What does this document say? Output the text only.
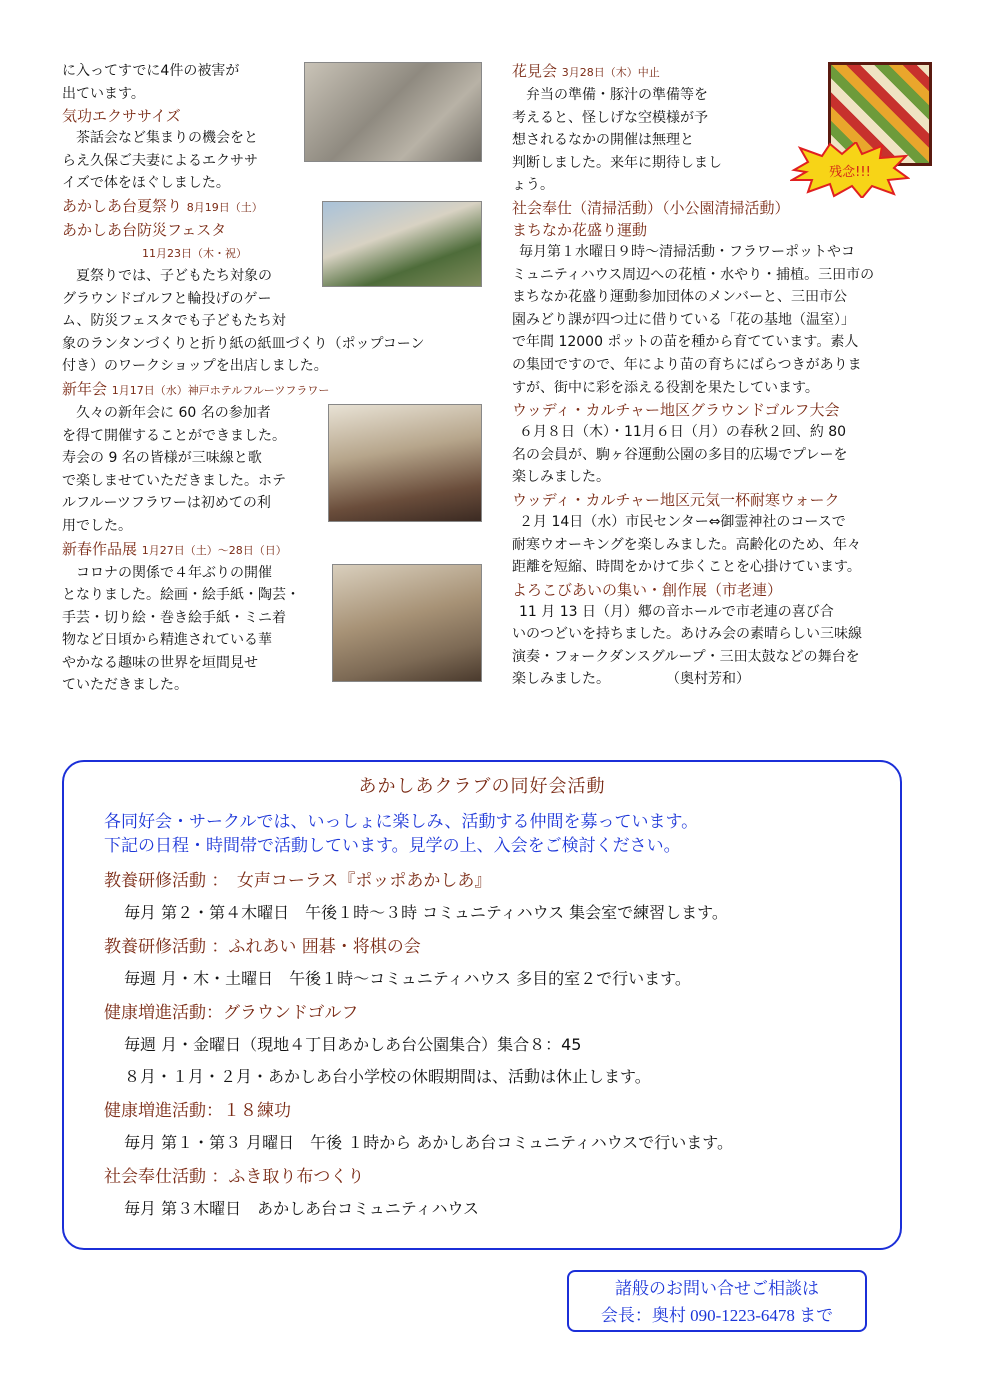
に入ってすでに4件の被害が

出ています。

気功エクササイズ

　茶話会など集まりの機会をと

らえ久保ご夫妻によるエクササ

イズで体をほぐしました。

あかしあ台夏祭り 8月19日（土）
あかしあ台防災フェスタ
11月23日（木・祝）

　夏祭りでは、子どもたち対象の

グラウンドゴルフと輪投げのゲー

ム、防災フェスタでも子どもたち対

象のランタンづくりと折り紙の紙皿づくり（ポップコーン

付き）のワークショップを出店しました。

新年会 1月17日（水）神戸ホテルフルーツフラワー

　久々の新年会に 60 名の参加者

を得て開催することができました。

寿会の 9 名の皆様が三味線と歌

で楽しませていただきました。ホテ

ルフルーツフラワーは初めての利

用でした。

新春作品展 1月27日（土）～28日（日）

　コロナの関係で４年ぶりの開催

となりました。絵画・絵手紙・陶芸・

手芸・切り絵・巻き絵手紙・ミニ着

物など日頃から精進されている華

やかなる趣味の世界を垣間見せ

ていただきました。

花見会 3月28日（木）中止

　弁当の準備・豚汁の準備等を

考えると、怪しげな空模様が予

想されるなかの開催は無理と

判断しました。来年に期待しまし

ょう。

社会奉仕（清掃活動）（小公園清掃活動）
まちなか花盛り運動

 毎月第１水曜日９時～清掃活動・フラワーポットやコ

ミュニティハウス周辺への花植・水やり・捕植。三田市の

まちなか花盛り運動参加団体のメンバーと、三田市公

園みどり課が四つ辻に借りている「花の基地（温室）」

で年間 12000 ポットの苗を種から育てています。素人

の集団ですので、年により苗の育ちにばらつきがありま

すが、街中に彩を添える役割を果たしています。

ウッディ・カルチャー地区グラウンドゴルフ大会

 ６月８日（木）・11月６日（月）の春秋２回、約 80

名の会員が、駒ヶ谷運動公園の多目的広場でプレーを

楽しみました。

ウッディ・カルチャー地区元気一杯耐寒ウォーク

 ２月 14日（水）市民センター⇔御霊神社のコースで

耐寒ウオーキングを楽しみました。高齢化のため、年々

距離を短縮、時間をかけて歩くことを心掛けています。

よろこびあいの集い・創作展（市老連）

 11 月 13 日（月）郷の音ホールで市老連の喜び合

いのつどいを持ちました。あけみ会の素晴らしい三味線

演奏・フォークダンスグループ・三田太鼓などの舞台を

楽しみました。　　　　　	（奥村芳和）

残念!!!
あかしあクラブの同好会活動
各同好会・サークルでは、いっしょに楽しみ、活動する仲間を募っています。
下記の日程・時間帯で活動しています。見学の上、入会をご検討ください。
教養研修活動 ：　 女声コーラス『ポッポあかしあ』
毎月 第２・第４木曜日　午後１時～３時 コミュニティハウス 集会室で練習します。
教養研修活動 ：ふれあい 囲碁・将棋の会
毎週 月・木・土曜日　午後１時～コミュニティハウス 多目的室２で行います。
健康増進活動：グラウンドゴルフ
毎週 月・金曜日（現地４丁目あかしあ台公園集合）集合８：45
８月・１月・２月・あかしあ台小学校の休暇期間は、活動は休止します。
健康増進活動：１８練功
毎月 第１・第３ 月曜日　午後 １時から あかしあ台コミュニティハウスで行います。
社会奉仕活動 ：ふき取り布つくり
毎月 第３木曜日　あかしあ台コミュニティハウス
諸般のお問い合せご相談は
会長：奥村 090-1223-6478 まで
